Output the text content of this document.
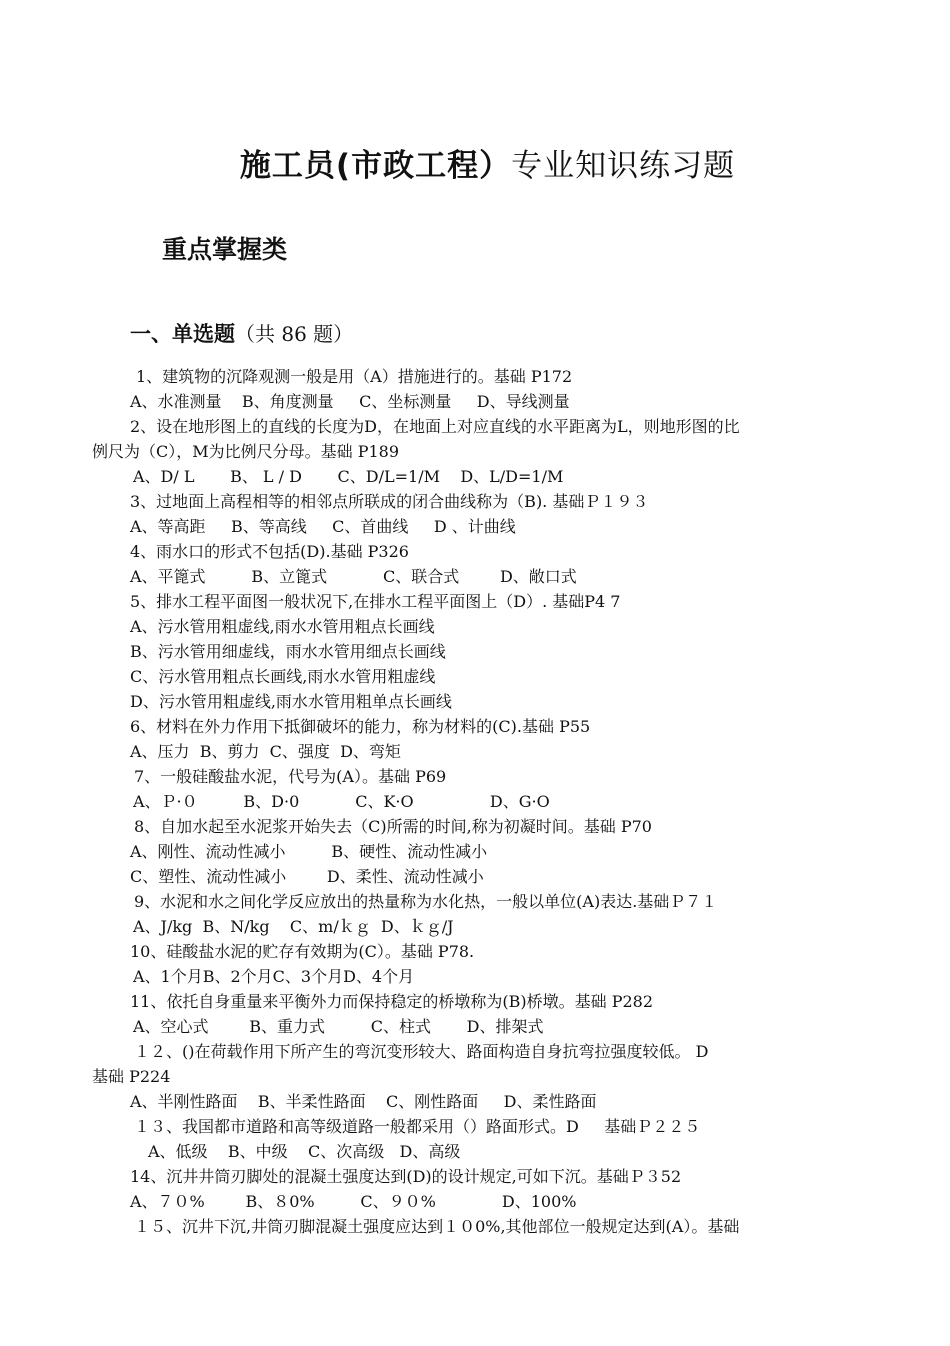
施工员(市政工程）专业知识练习题
重点掌握类
一、单选题（共 86 题）
1、建筑物的沉降观测一般是用（A）措施进行的。基础 P172
A、水准测量    B、角度测量     C、坐标测量     D、导线测量
2、设在地形图上的直线的长度为D，在地面上对应直线的水平距离为L，则地形图的比
例尺为（C），M为比例尺分母。基础 P189
A、D/ L       B、 L / D       C、D/L=1/M    D、L/D=1/M
3、过地面上高程相等的相邻点所联成的闭合曲线称为（B). 基础Ｐ１９３
A、等高距     B、等高线     C、首曲线     D 、计曲线
4、雨水口的形式不包括(D).基础 P326
A、平篦式         B、立篦式           C、联合式        D、敞口式
5、排水工程平面图一般状况下,在排水工程平面图上（D）. 基础P4 7
A、污水管用粗虚线,雨水水管用粗点长画线
B、污水管用细虚线，雨水水管用细点长画线
C、污水管用粗点长画线,雨水水管用粗虚线
D、污水管用粗虚线,雨水水管用粗单点长画线
6、材料在外力作用下抵御破坏的能力，称为材料的(C).基础 P55
A、压力  B、剪力  C、强度  D、弯矩
7、一般硅酸盐水泥，代号为(A）。基础 P69
A、Ｐ·０         B、D·0           C、K·O               D、G·O
8、自加水起至水泥浆开始失去（C)所需的时间,称为初凝时间。基础 P70
A、刚性、流动性减小         B、硬性、流动性减小
C、塑性、流动性减小        D、柔性、流动性减小
9、水泥和水之间化学反应放出的热量称为水化热，一般以单位(A)表达.基础Ｐ７１
A、J/kg  B、N/kg    C、m/ｋｇ  D、ｋｇ/J
10、硅酸盐水泥的贮存有效期为(C）。基础 P78.
A、1个月B、2个月C、3个月D、4个月
11、依托自身重量来平衡外力而保持稳定的桥墩称为(B)桥墩。基础 P282
A、空心式        B、重力式         C、柱式       D、排架式
１２、()在荷载作用下所产生的弯沉变形较大、路面构造自身抗弯拉强度较低。 D
基础 P224
A、半刚性路面    B、半柔性路面    C、刚性路面     D、柔性路面
１３、我国都市道路和高等级道路一般都采用（）路面形式。D     基础Ｐ２２５
A、低级    B、中级    C、次高级   D、高级
14、沉井井筒刃脚处的混凝土强度达到(D)的设计规定,可如下沉。基础Ｐ３52
A、７０%        B、８0%         C、９０%             D、100%
１５、沉井下沉,井筒刃脚混凝土强度应达到１０0%,其他部位一般规定达到(A）。基础
